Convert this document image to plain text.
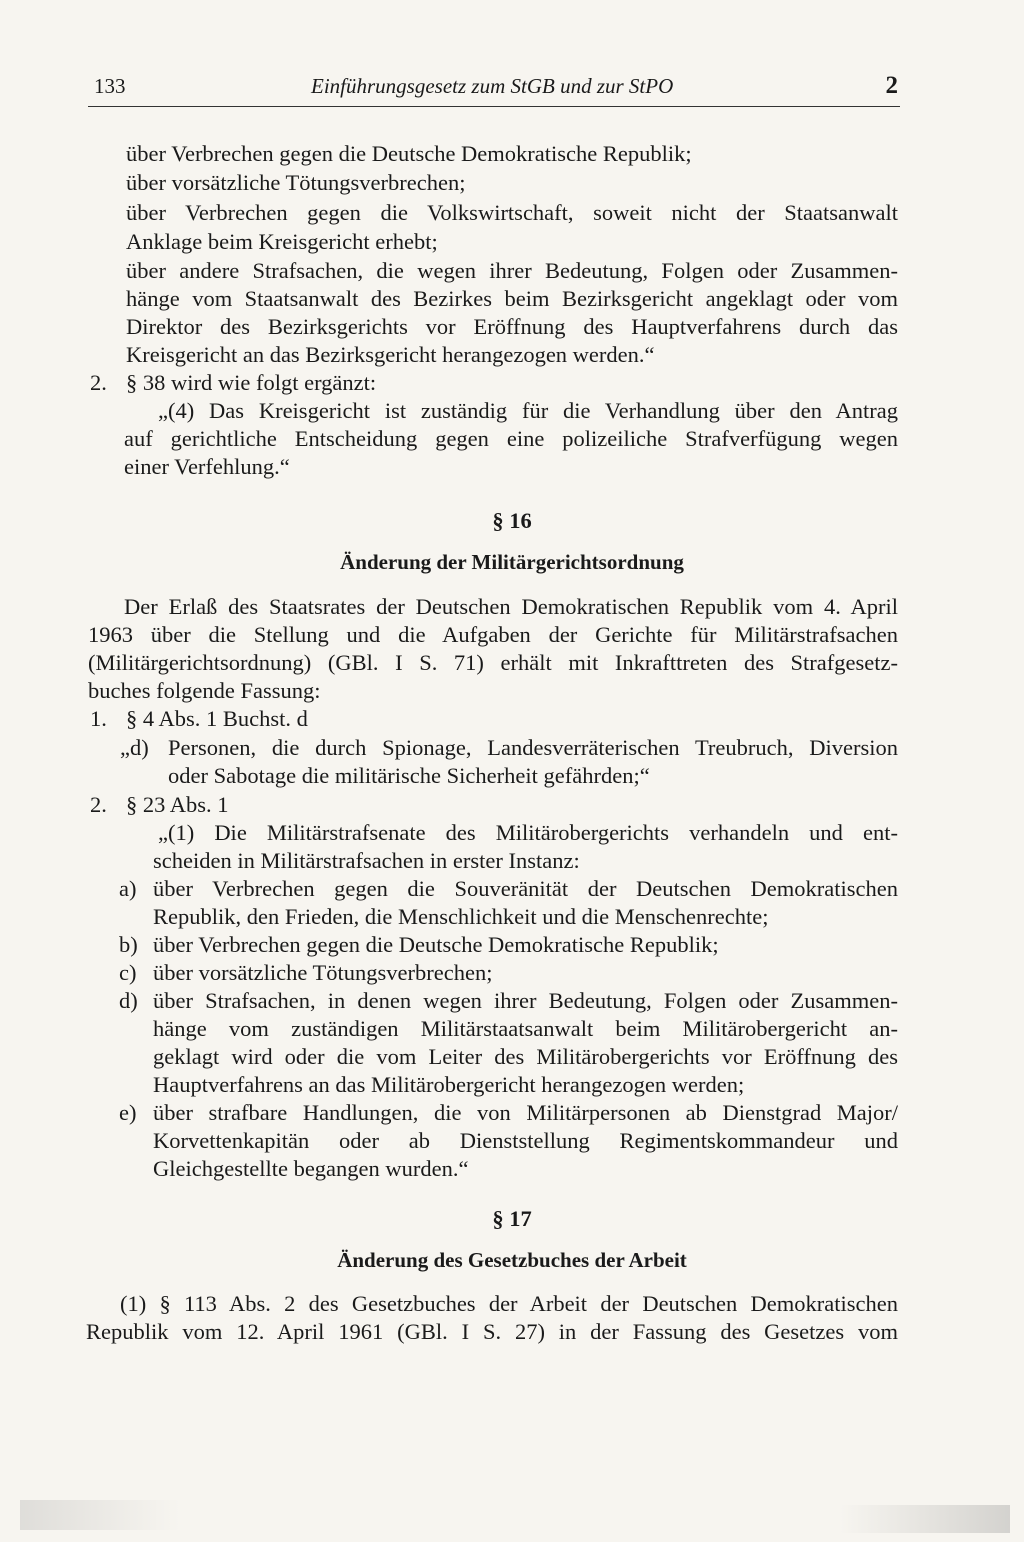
133	Einführungsgesetz zum StGB und zur StPO	2
über Verbrechen gegen die Deutsche Demokratische Republik;
über vorsätzliche Tötungsverbrechen;
über Verbrechen gegen die Volkswirtschaft, soweit nicht der Staatsanwalt
Anklage beim Kreisgericht erhebt;
über andere Strafsachen, die wegen ihrer Bedeutung, Folgen oder Zusammen-
hänge vom Staatsanwalt des Bezirkes beim Bezirksgericht angeklagt oder vom
Direktor des Bezirksgerichts vor Eröffnung des Hauptverfahrens durch das
Kreisgericht an das Bezirksgericht herangezogen werden.“
2. § 38 wird wie folgt ergänzt:
„(4) Das Kreisgericht ist zuständig für die Verhandlung über den Antrag
auf gerichtliche Entscheidung gegen eine polizeiliche Strafverfügung wegen
einer Verfehlung.“
§ 16
Änderung der Militärgerichtsordnung
Der Erlaß des Staatsrates der Deutschen Demokratischen Republik vom 4. April
1963 über die Stellung und die Aufgaben der Gerichte für Militärstrafsachen
(Militärgerichtsordnung) (GBl. I S. 71) erhält mit Inkrafttreten des Strafgesetz-
buches folgende Fassung:
1. § 4 Abs. 1 Buchst. d
„d) Personen, die durch Spionage, Landesverräterischen Treubruch, Diversion
oder Sabotage die militärische Sicherheit gefährden;“
2. § 23 Abs. 1
„(1) Die Militärstrafsenate des Militärobergerichts verhandeln und ent-
scheiden in Militärstrafsachen in erster Instanz:
a) über Verbrechen gegen die Souveränität der Deutschen Demokratischen
Republik, den Frieden, die Menschlichkeit und die Menschenrechte;
b) über Verbrechen gegen die Deutsche Demokratische Republik;
c) über vorsätzliche Tötungsverbrechen;
d) über Strafsachen, in denen wegen ihrer Bedeutung, Folgen oder Zusammen-
hänge vom zuständigen Militärstaatsanwalt beim Militärobergericht an-
geklagt wird oder die vom Leiter des Militärobergerichts vor Eröffnung des
Hauptverfahrens an das Militärobergericht herangezogen werden;
e) über strafbare Handlungen, die von Militärpersonen ab Dienstgrad Major/
Korvettenkapitän oder ab Dienststellung Regimentskommandeur und
Gleichgestellte begangen wurden.“
§ 17
Änderung des Gesetzbuches der Arbeit
(1) § 113 Abs. 2 des Gesetzbuches der Arbeit der Deutschen Demokratischen
Republik vom 12. April 1961 (GBl. I S. 27) in der Fassung des Gesetzes vom
